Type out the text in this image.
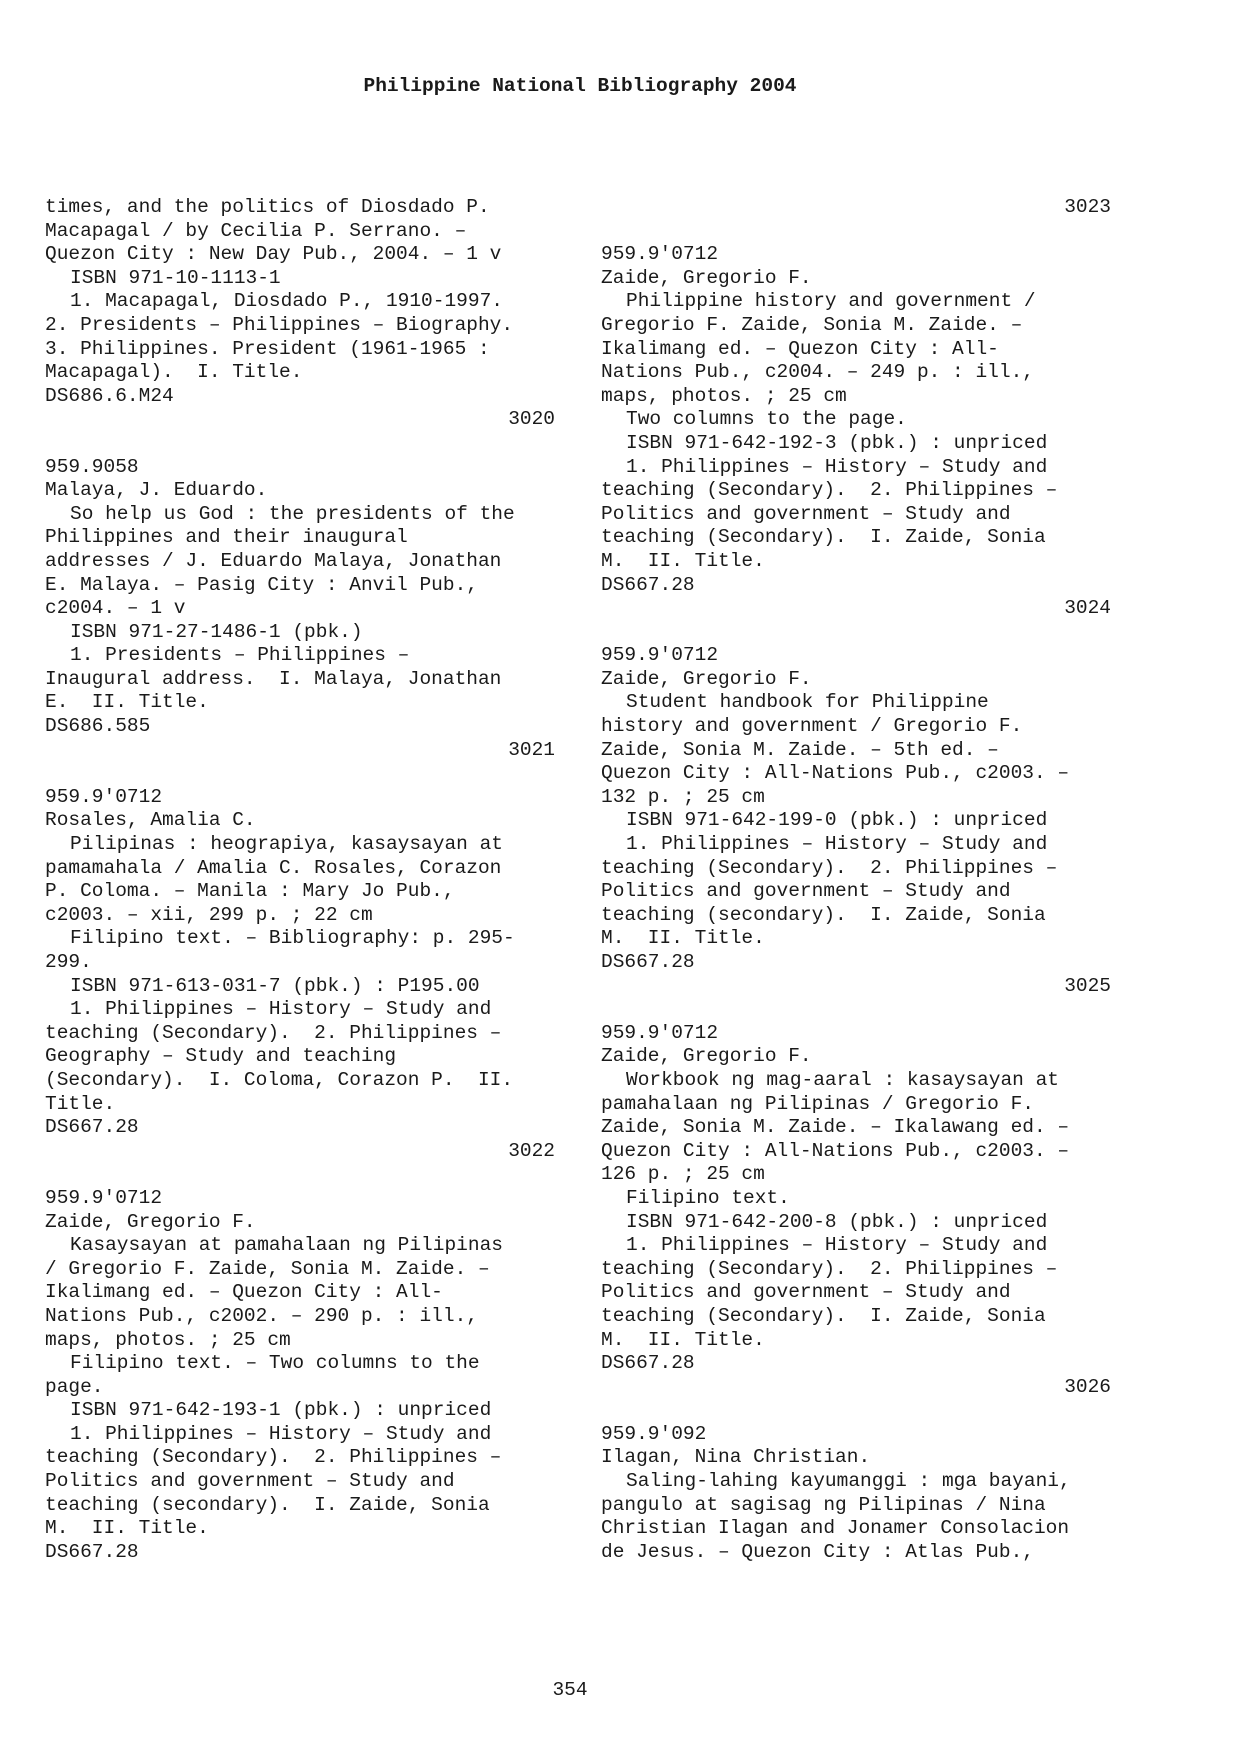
Philippine National Bibliography 2004
times, and the politics of Diosdado P.
Macapagal / by Cecilia P. Serrano. –
Quezon City : New Day Pub., 2004. – 1 v
ISBN 971-10-1113-1
1. Macapagal, Diosdado P., 1910-1997.
2. Presidents – Philippines – Biography.
3. Philippines. President (1961-1965 :
Macapagal).  I. Title.
DS686.6.M24
3020
959.9058
Malaya, J. Eduardo.
So help us God : the presidents of the
Philippines and their inaugural
addresses / J. Eduardo Malaya, Jonathan
E. Malaya. – Pasig City : Anvil Pub.,
c2004. – 1 v
ISBN 971-27-1486-1 (pbk.)
1. Presidents – Philippines –
Inaugural address.  I. Malaya, Jonathan
E.  II. Title.
DS686.585
3021
959.9'0712
Rosales, Amalia C.
Pilipinas : heograpiya, kasaysayan at
pamamahala / Amalia C. Rosales, Corazon
P. Coloma. – Manila : Mary Jo Pub.,
c2003. – xii, 299 p. ; 22 cm
Filipino text. – Bibliography: p. 295-
299.
ISBN 971-613-031-7 (pbk.) : P195.00
1. Philippines – History – Study and
teaching (Secondary).  2. Philippines –
Geography – Study and teaching
(Secondary).  I. Coloma, Corazon P.  II.
Title.
DS667.28
3022
959.9'0712
Zaide, Gregorio F.
Kasaysayan at pamahalaan ng Pilipinas
/ Gregorio F. Zaide, Sonia M. Zaide. –
Ikalimang ed. – Quezon City : All-
Nations Pub., c2002. – 290 p. : ill.,
maps, photos. ; 25 cm
Filipino text. – Two columns to the
page.
ISBN 971-642-193-1 (pbk.) : unpriced
1. Philippines – History – Study and
teaching (Secondary).  2. Philippines –
Politics and government – Study and
teaching (secondary).  I. Zaide, Sonia
M.  II. Title.
DS667.28
3023
959.9'0712
Zaide, Gregorio F.
Philippine history and government /
Gregorio F. Zaide, Sonia M. Zaide. –
Ikalimang ed. – Quezon City : All-
Nations Pub., c2004. – 249 p. : ill.,
maps, photos. ; 25 cm
Two columns to the page.
ISBN 971-642-192-3 (pbk.) : unpriced
1. Philippines – History – Study and
teaching (Secondary).  2. Philippines –
Politics and government – Study and
teaching (Secondary).  I. Zaide, Sonia
M.  II. Title.
DS667.28
3024
959.9'0712
Zaide, Gregorio F.
Student handbook for Philippine
history and government / Gregorio F.
Zaide, Sonia M. Zaide. – 5th ed. –
Quezon City : All-Nations Pub., c2003. –
132 p. ; 25 cm
ISBN 971-642-199-0 (pbk.) : unpriced
1. Philippines – History – Study and
teaching (Secondary).  2. Philippines –
Politics and government – Study and
teaching (secondary).  I. Zaide, Sonia
M.  II. Title.
DS667.28
3025
959.9'0712
Zaide, Gregorio F.
Workbook ng mag-aaral : kasaysayan at
pamahalaan ng Pilipinas / Gregorio F.
Zaide, Sonia M. Zaide. – Ikalawang ed. –
Quezon City : All-Nations Pub., c2003. –
126 p. ; 25 cm
Filipino text.
ISBN 971-642-200-8 (pbk.) : unpriced
1. Philippines – History – Study and
teaching (Secondary).  2. Philippines –
Politics and government – Study and
teaching (Secondary).  I. Zaide, Sonia
M.  II. Title.
DS667.28
3026
959.9'092
Ilagan, Nina Christian.
Saling-lahing kayumanggi : mga bayani,
pangulo at sagisag ng Pilipinas / Nina
Christian Ilagan and Jonamer Consolacion
de Jesus. – Quezon City : Atlas Pub.,
354
